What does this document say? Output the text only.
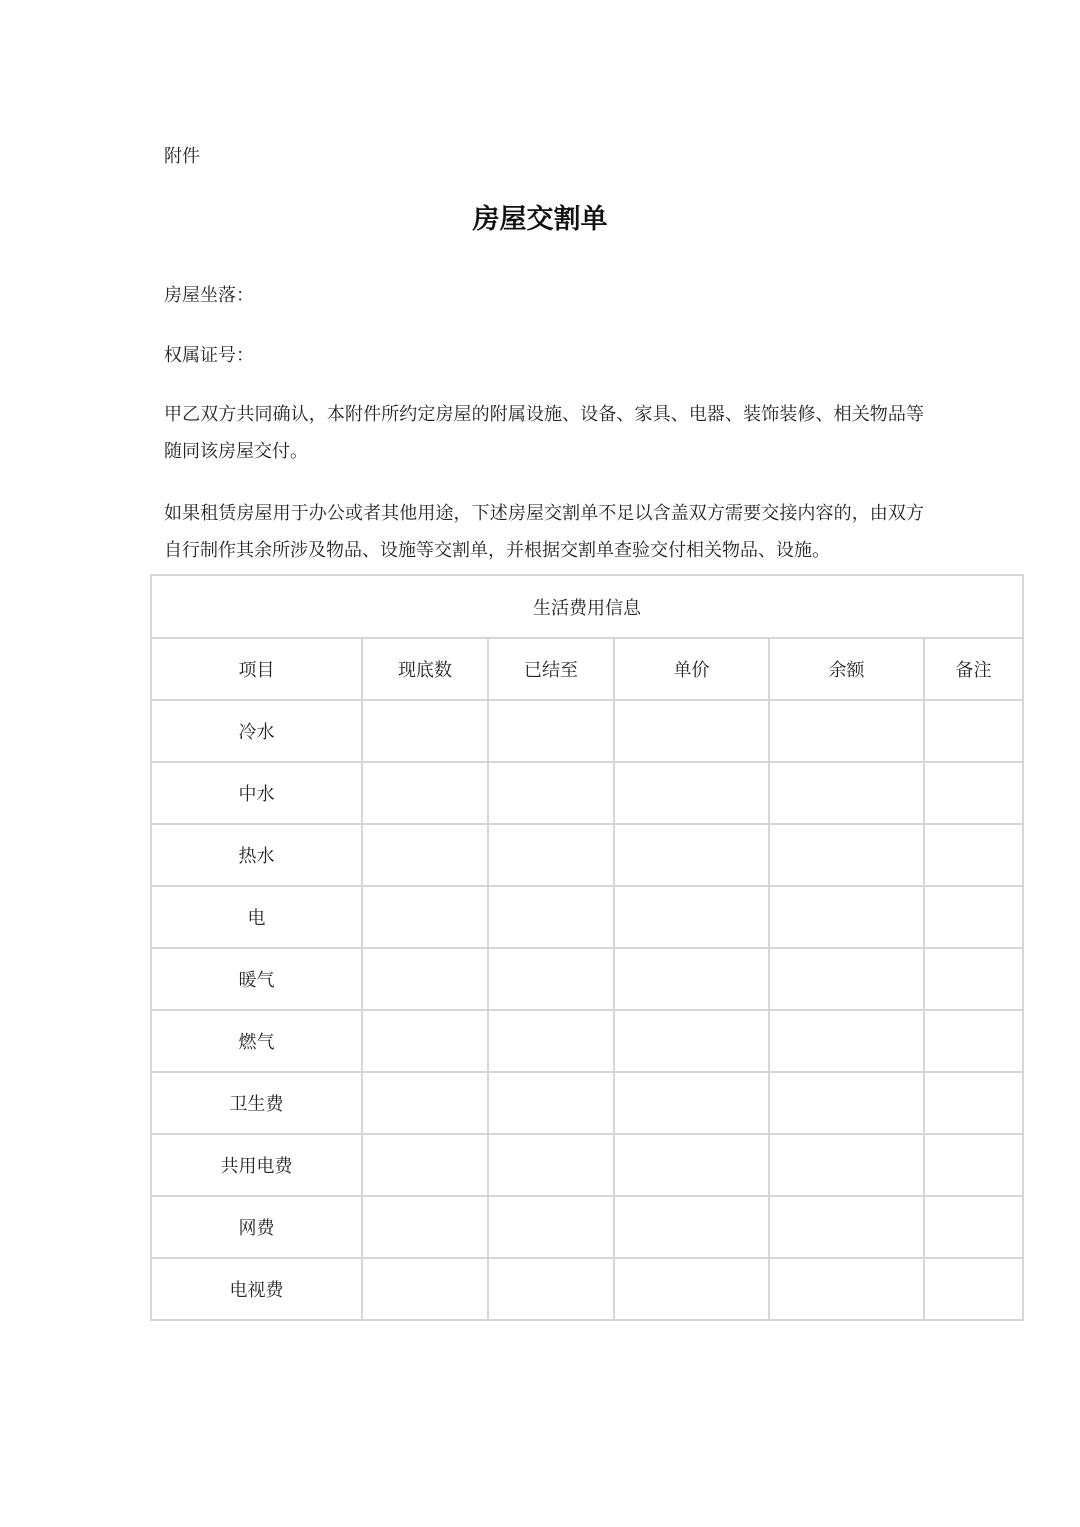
附件
房屋交割单
房屋坐落：
权属证号：
甲乙双方共同确认，本附件所约定房屋的附属设施、设备、家具、电器、装饰装修、相关物品等随同该房屋交付。
如果租赁房屋用于办公或者其他用途，下述房屋交割单不足以含盖双方需要交接内容的，由双方自行制作其余所涉及物品、设施等交割单，并根据交割单查验交付相关物品、设施。
生活费用信息					
项目	现底数	已结至	单价	余额	备注
冷水					
中水					
热水					
电					
暖气					
燃气					
卫生费					
共用电费					
网费					
电视费					
